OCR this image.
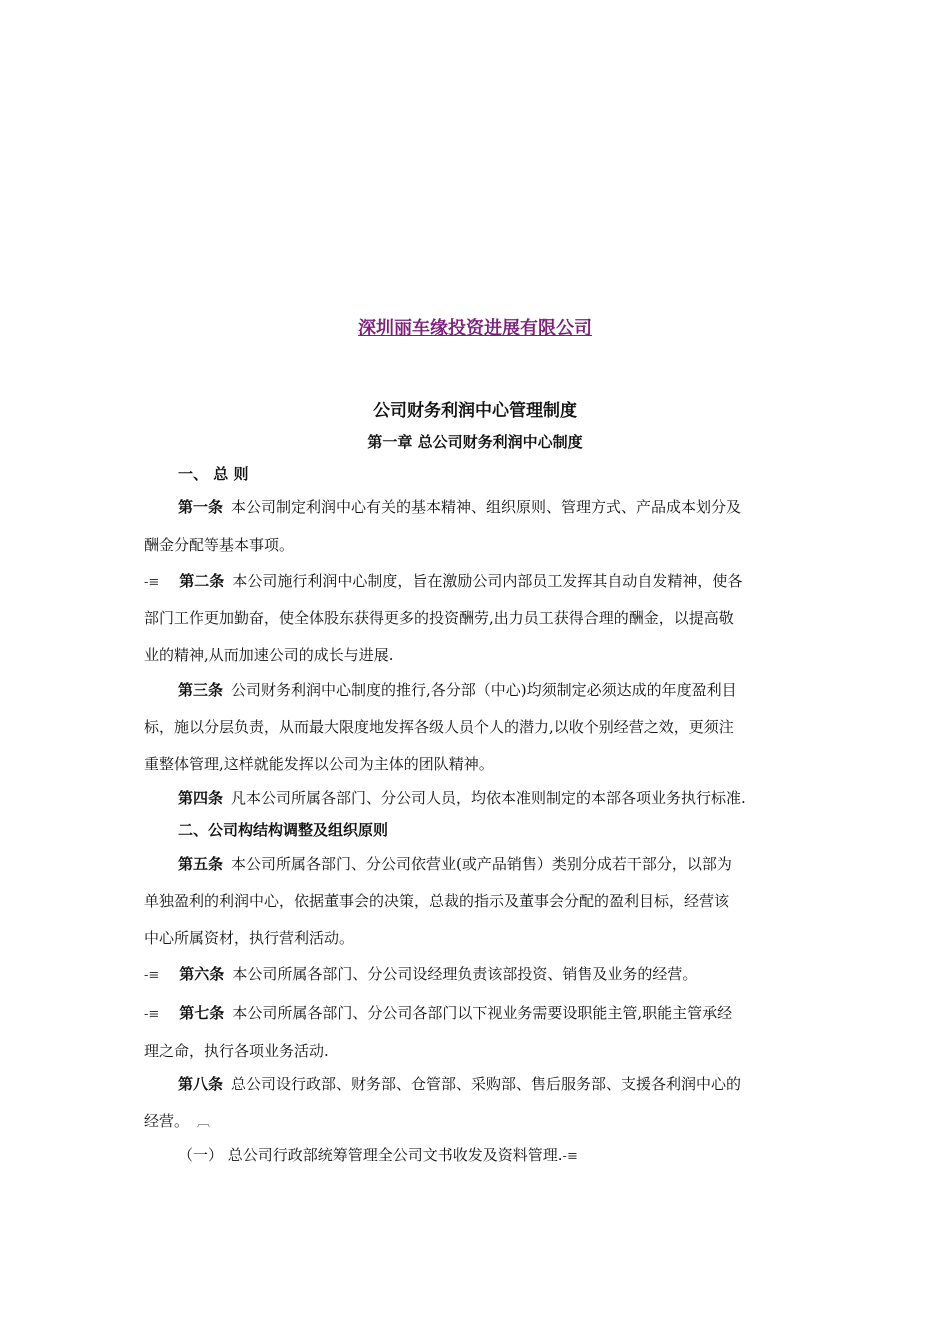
深圳丽车缘投资进展有限公司
公司财务利润中心管理制度
第一章 总公司财务利润中心制度
一、 总 则
第一条 本公司制定利润中心有关的基本精神、组织原则、管理方式、产品成本划分及
酬金分配等基本事项。
-≡ 第二条 本公司施行利润中心制度，旨在激励公司内部员工发挥其自动自发精神，使各
部门工作更加勤奋，使全体股东获得更多的投资酬劳,出力员工获得合理的酬金，以提高敬
业的精神,从而加速公司的成长与进展.
第三条 公司财务利润中心制度的推行,各分部（中心)均须制定必须达成的年度盈利目
标，施以分层负责，从而最大限度地发挥各级人员个人的潜力,以收个别经营之效，更须注
重整体管理,这样就能发挥以公司为主体的团队精神。
第四条 凡本公司所属各部门、分公司人员，均依本准则制定的本部各项业务执行标准.
二、公司构结构调整及组织原则
第五条 本公司所属各部门、分公司依营业(或产品销售）类别分成若干部分，以部为
单独盈利的利润中心，依据董事会的决策，总裁的指示及董事会分配的盈利目标，经营该
中心所属资材，执行营利活动。
-≡ 第六条 本公司所属各部门、分公司设经理负责该部投资、销售及业务的经营。
-≡ 第七条 本公司所属各部门、分公司各部门以下视业务需要设职能主管,职能主管承经
理之命，执行各项业务活动.
第八条 总公司设行政部、财务部、仓管部、采购部、售后服务部、支援各利润中心的
经营。 ︹
（一） 总公司行政部统筹管理全公司文书收发及资料管理.-≡
